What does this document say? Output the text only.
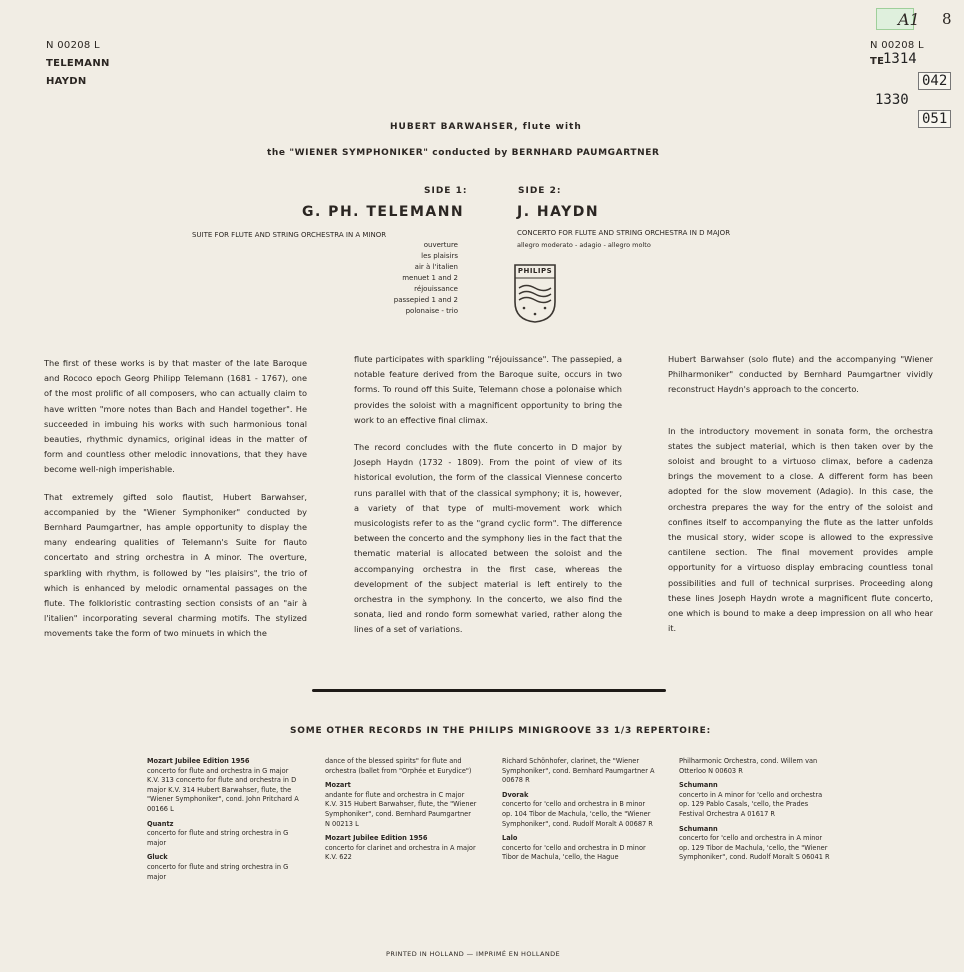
N 00208 L
TELEMANN
HAYDN
N 00208 L
TE
1314
042
1330
051
A1 8
HUBERT BARWAHSER, flute with
the "WIENER SYMPHONIKER" conducted by BERNHARD PAUMGARTNER
SIDE 1:	SIDE 2:
G. PH. TELEMANN	J. HAYDN
SUITE FOR FLUTE AND STRING ORCHESTRA IN A MINOR	CONCERTO FOR FLUTE AND STRING ORCHESTRA IN D MAJOR
allegro moderato - adagio - allegro molto
ouverture
les plaisirs
air à l'italien
menuet 1 and 2
réjouissance
passepied 1 and 2
polonaise - trio
PHILIPS

The first of these works is by that master of the late Baroque and Rococo epoch Georg Philipp Telemann (1681 - 1767), one of the most prolific of all composers, who can actually claim to have written "more notes than Bach and Handel together". He succeeded in imbuing his works with such harmonious tonal beauties, rhythmic dynamics, original ideas in the matter of form and countless other melodic innovations, that they have become well-nigh imperishable.

That extremely gifted solo flautist, Hubert Barwahser, accompanied by the "Wiener Symphoniker" conducted by Bernhard Paumgartner, has ample opportunity to display the many endearing qualities of Telemann's Suite for flauto concertato and string orchestra in A minor. The overture, sparkling with rhythm, is followed by "les plaisirs", the trio of which is enhanced by melodic ornamental passages on the flute. The folkloristic contrasting section consists of an "air à l'italien" incorporating several charming motifs. The stylized movements take the form of two minuets in which the

flute participates with sparkling "réjouissance". The passepied, a notable feature derived from the Baroque suite, occurs in two forms. To round off this Suite, Telemann chose a polonaise which provides the soloist with a magnificent opportunity to bring the work to an effective final climax.

The record concludes with the flute concerto in D major by Joseph Haydn (1732 - 1809). From the point of view of its historical evolution, the form of the classical Viennese concerto runs parallel with that of the classical symphony; it is, however, a variety of that type of multi-movement work which musicologists refer to as the "grand cyclic form". The difference between the concerto and the symphony lies in the fact that the thematic material is allocated between the soloist and the accompanying orchestra in the first case, whereas the development of the subject material is left entirely to the orchestra in the symphony. In the concerto, we also find the sonata, lied and rondo form somewhat varied, rather along the lines of a set of variations.

Hubert Barwahser (solo flute) and the accompanying "Wiener Philharmoniker" conducted by Bernhard Paumgartner vividly reconstruct Haydn's approach to the concerto.

In the introductory movement in sonata form, the orchestra states the subject material, which is then taken over by the soloist and brought to a virtuoso climax, before a cadenza brings the movement to a close. A different form has been adopted for the slow movement (Adagio). In this case, the orchestra prepares the way for the entry of the soloist and confines itself to accompanying the flute as the latter unfolds the musical story, wider scope is allowed to the expressive cantilene section. The final movement provides ample opportunity for a virtuoso display embracing countless tonal possibilities and full of technical surprises. Proceeding along these lines Joseph Haydn wrote a magnificent flute concerto, one which is bound to make a deep impression on all who hear it.

SOME OTHER RECORDS IN THE PHILIPS MINIGROOVE 33 1/3 REPERTOIRE:
Mozart Jubilee Edition 1956
concerto for flute and orchestra in G major K.V. 313 concerto for flute and orchestra in D major K.V. 314 Hubert Barwahser, flute, the "Wiener Symphoniker", cond. John Pritchard A 00166 L
Quantz
concerto for flute and string orchestra in G major
Gluck
concerto for flute and string orchestra in G major
dance of the blessed spirits" for flute and orchestra (ballet from "Orphée et Eurydice")
Mozart
andante for flute and orchestra in C major K.V. 315 Hubert Barwahser, flute, the "Wiener Symphoniker", cond. Bernhard Paumgartner N 00213 L
Mozart Jubilee Edition 1956
concerto for clarinet and orchestra in A major K.V. 622
Richard Schönhofer, clarinet, the "Wiener Symphoniker", cond. Bernhard Paumgartner A 00678 R
Dvorak
concerto for 'cello and orchestra in B minor op. 104 Tibor de Machula, 'cello, the "Wiener Symphoniker", cond. Rudolf Moralt A 00687 R
Lalo
concerto for 'cello and orchestra in D minor Tibor de Machula, 'cello, the Hague
Philharmonic Orchestra, cond. Willem van Otterloo N 00603 R
Schumann
concerto in A minor for 'cello and orchestra op. 129 Pablo Casals, 'cello, the Prades Festival Orchestra A 01617 R
Schumann
concerto for 'cello and orchestra in A minor op. 129 Tibor de Machula, 'cello, the "Wiener Symphoniker", cond. Rudolf Moralt S 06041 R
PRINTED IN HOLLAND — IMPRIMÉ EN HOLLANDE
